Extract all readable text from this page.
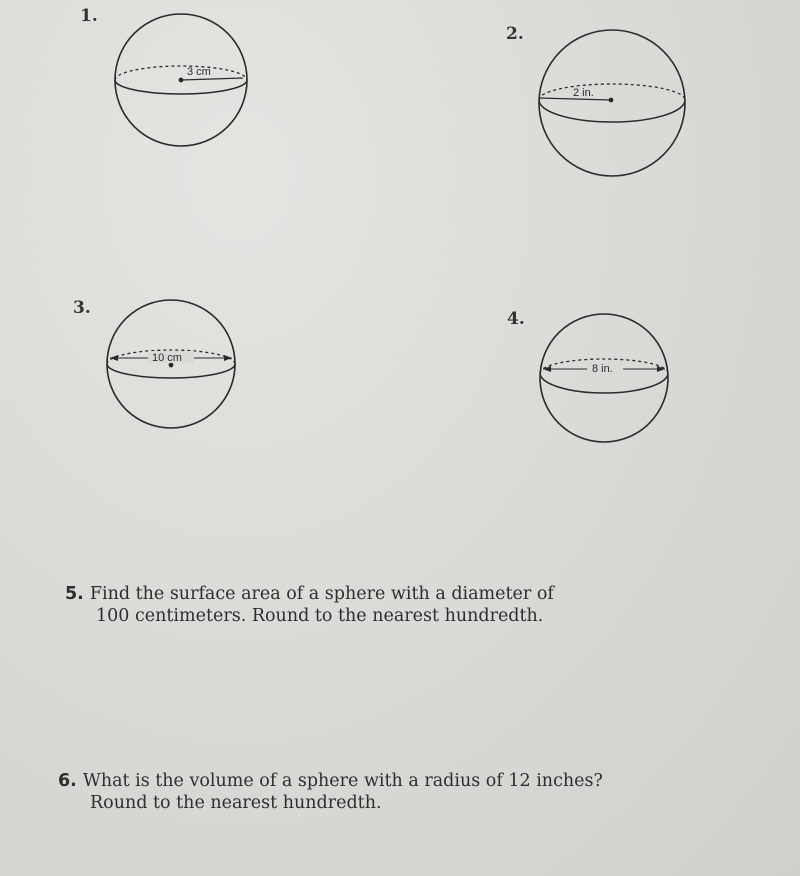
1.
3 cm
2.
2 in.
3.
10 cm
4.
8 in.
5. Find the surface area of a sphere with a diameter of
100 centimeters. Round to the nearest hundredth.
6. What is the volume of a sphere with a radius of 12 inches?
Round to the nearest hundredth.
